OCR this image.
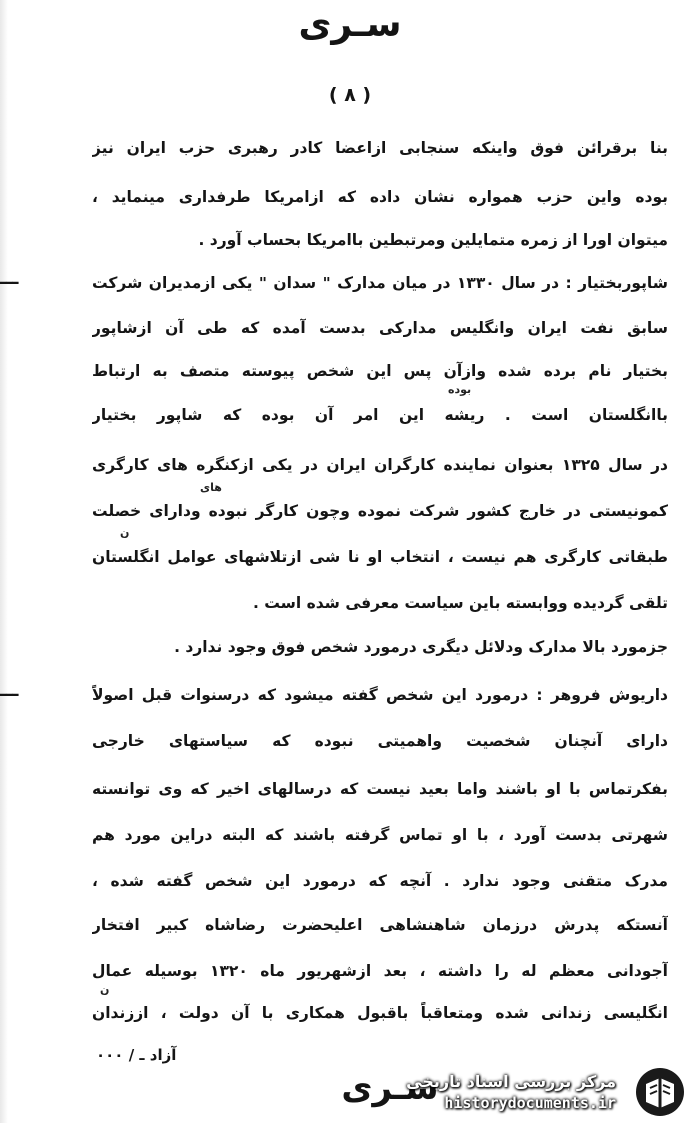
سـری
( ۸ )
بنا برقرائن فوق واینکه سنجابی ازاعضا کادر رهبری حزب ایران نیز
بوده واین حزب همواره نشان داده که ازامریکا طرفداری مینماید ،
میتوان اورا از زمره متمایلین ومرتبطین باامریکا بحساب آورد .
ـــ	شاپوربختیار : در سال ۱۳۳۰ در میان مدارک " سدان " یکی ازمدیران شرکت
سابق نفت ایران وانگلیس مدارکی بدست آمده که طی آن ازشاپور
بختیار نام برده شده وازآن پس این شخص پیوسته متصف به ارتباط
بوده
باانگلستان است . ریشه این امر آن بوده که شاپور بختیار
در سال ۱۳۲۵ بعنوان نماینده کارگران ایران در یکی ازکنگره های کارگری
های
کمونیستی در خارج کشور شرکت نموده وچون کارگر نبوده ودارای خصلت
ن
طبقاتی کارگری هم نیست ، انتخاب او نا شی ازتلاشهای عوامل انگلستان
تلقی گردیده ووابسته باین سیاست معرفی شده است .
جزمورد بالا مدارک ودلائل دیگری درمورد شخص فوق وجود ندارد .
ـــ	داریوش فروهر : درمورد این شخص گفته میشود که درسنوات قبل اصولاً
دارای آنچنان شخصیت واهمیتی نبوده که سیاستهای خارجی
بفکرتماس با او باشند واما بعید نیست که درسالهای اخیر که وی توانسته
شهرتی بدست آورد ، با او تماس گرفته باشند که البته دراین مورد هم
مدرک متقنی وجود ندارد . آنچه که درمورد این شخص گفته شده ،
آنستکه پدرش درزمان شاهنشاهی اعلیحضرت رضاشاه کبیر افتخار
آجودانی معظم له را داشته ، بعد ازشهریور ماه ۱۳۲۰ بوسیله عمال
ن
انگلیسی زندانی شده ومتعاقباً باقبول همکاری با آن دولت ، اززندان
آزاد ـ / ۰۰۰
سـری
مرکز بررسی اسناد تاریخی
historydocuments.ir
